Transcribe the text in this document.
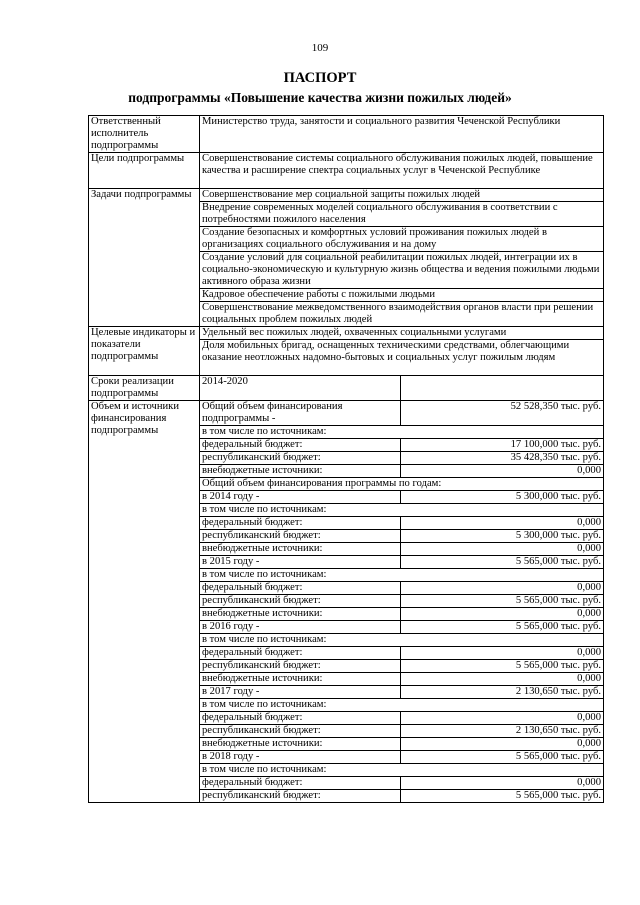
109
ПАСПОРТ
подпрограммы «Повышение качества жизни пожилых людей»
Ответственный исполнитель подпрограммы	Министерство труда, занятости и социального развития Чеченской Республики	
Цели подпрограммы	Совершенствование системы социального обслуживания пожилых людей, повышение качества и расширение спектра социальных услуг в Чеченской Республике	
Задачи подпрограммы	Совершенствование мер социальной защиты пожилых людей	
	Внедрение современных моделей социального обслуживания в соответствии с потребностями пожилого населения	
	Создание безопасных и комфортных условий проживания пожилых людей в организациях социального обслуживания и на дому	
	Создание условий для социальной реабилитации пожилых людей, интеграции их в социально-экономическую и культурную жизнь общества и ведения пожилыми людьми активного образа жизни	
	Кадровое обеспечение работы с пожилыми людьми	
	Совершенствование межведомственного взаимодействия органов власти при решении социальных проблем пожилых людей	
Целевые индикаторы и показатели подпрограммы	Удельный вес пожилых людей, охваченных социальными услугами	
	Доля мобильных бригад, оснащенных техническими средствами, облегчающими оказание неотложных надомно-бытовых и социальных услуг пожилым людям	
Сроки реализации подпрограммы	2014-2020	
Объем и источники финансирования подпрограммы	Общий объем финансирования подпрограммы -	52 528,350 тыс. руб.
	в том числе по источникам:	
	федеральный бюджет:	17 100,000 тыс. руб.
	республиканский бюджет:	35 428,350 тыс. руб.
	внебюджетные источники:	0,000
	Общий объем финансирования программы по годам:	
	в 2014 году -	5 300,000 тыс. руб.
	в том числе по источникам:	
	федеральный бюджет:	0,000
	республиканский бюджет:	5 300,000 тыс. руб.
	внебюджетные источники:	0,000
	в 2015 году -	5 565,000 тыс. руб.
	в том числе по источникам:	
	федеральный бюджет:	0,000
	республиканский бюджет:	5 565,000 тыс. руб.
	внебюджетные источники:	0,000
	в 2016 году -	5 565,000 тыс. руб.
	в том числе по источникам:	
	федеральный бюджет:	0,000
	республиканский бюджет:	5 565,000 тыс. руб.
	внебюджетные источники:	0,000
	в 2017 году -	2 130,650 тыс. руб.
	в том числе по источникам:	
	федеральный бюджет:	0,000
	республиканский бюджет:	2 130,650 тыс. руб.
	внебюджетные источники:	0,000
	в 2018 году -	5 565,000 тыс. руб.
	в том числе по источникам:	
	федеральный бюджет:	0,000
	республиканский бюджет:	5 565,000 тыс. руб.
